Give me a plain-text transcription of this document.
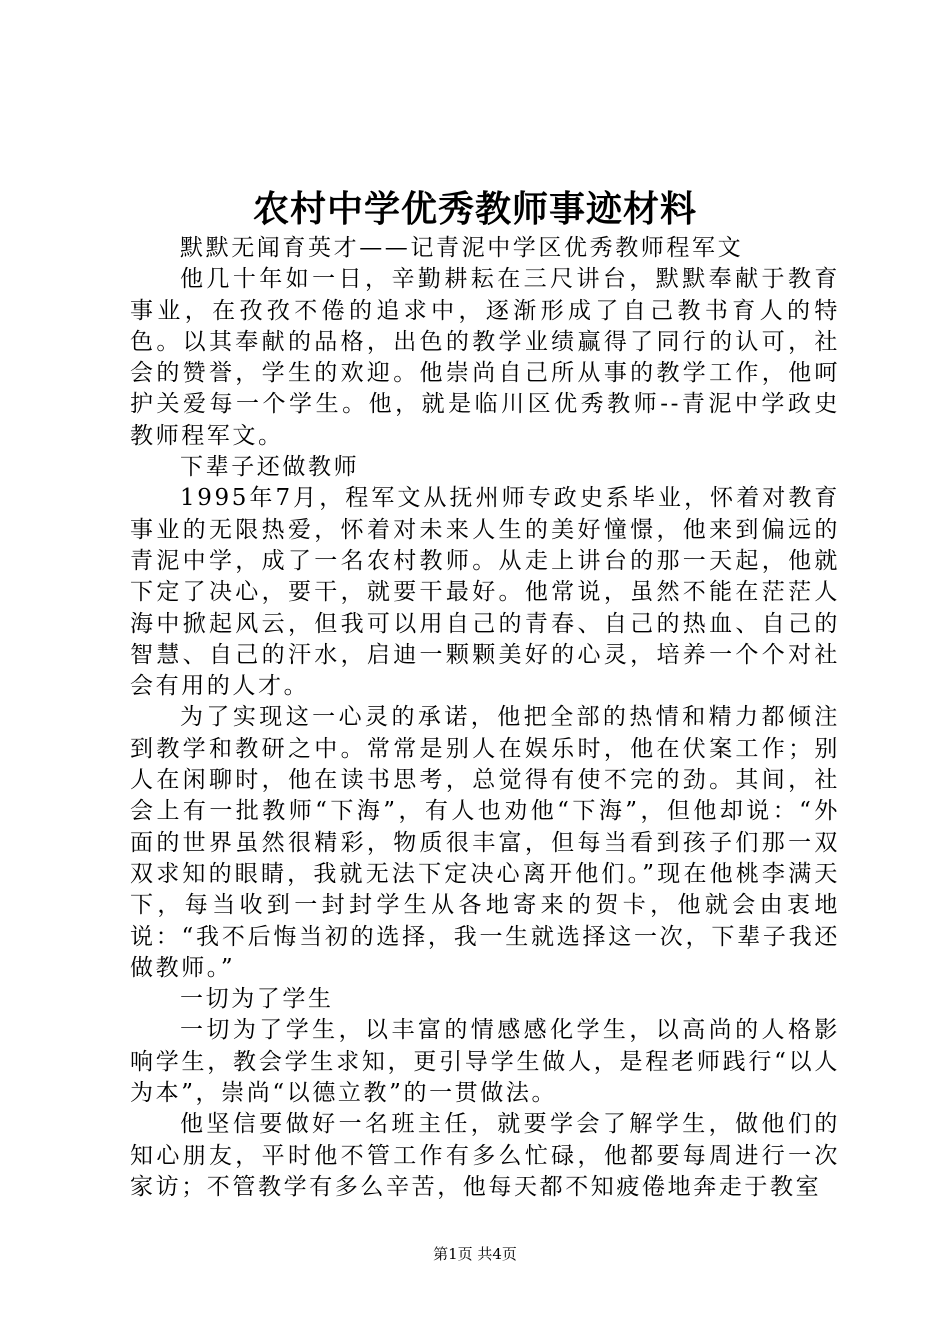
农村中学优秀教师事迹材料

默默无闻育英才——记青泥中学区优秀教师程军文

他几十年如一日，辛勤耕耘在三尺讲台，默默奉献于教育事业，在孜孜不倦的追求中，逐渐形成了自己教书育人的特色。以其奉献的品格，出色的教学业绩赢得了同行的认可，社会的赞誉，学生的欢迎。他崇尚自己所从事的教学工作，他呵护关爱每一个学生。他，就是临川区优秀教师--青泥中学政史教师程军文。

下辈子还做教师

1995年7月，程军文从抚州师专政史系毕业，怀着对教育事业的无限热爱，怀着对未来人生的美好憧憬，他来到偏远的青泥中学，成了一名农村教师。从走上讲台的那一天起，他就下定了决心，要干，就要干最好。他常说，虽然不能在茫茫人海中掀起风云，但我可以用自己的青春、自己的热血、自己的智慧、自己的汗水，启迪一颗颗美好的心灵，培养一个个对社会有用的人才。

为了实现这一心灵的承诺，他把全部的热情和精力都倾注到教学和教研之中。常常是别人在娱乐时，他在伏案工作；别人在闲聊时，他在读书思考，总觉得有使不完的劲。其间，社会上有一批教师“下海”，有人也劝他“下海”，但他却说：“外面的世界虽然很精彩，物质很丰富，但每当看到孩子们那一双双求知的眼睛，我就无法下定决心离开他们。”现在他桃李满天下，每当收到一封封学生从各地寄来的贺卡，他就会由衷地说：“我不后悔当初的选择，我一生就选择这一次，下辈子我还做教师。”

一切为了学生

一切为了学生，以丰富的情感感化学生，以高尚的人格影响学生，教会学生求知，更引导学生做人，是程老师践行“以人为本”，崇尚“以德立教”的一贯做法。

他坚信要做好一名班主任，就要学会了解学生，做他们的知心朋友，平时他不管工作有多么忙碌，他都要每周进行一次家访；不管教学有多么辛苦，他每天都不知疲倦地奔走于教室

第1页 共4页
